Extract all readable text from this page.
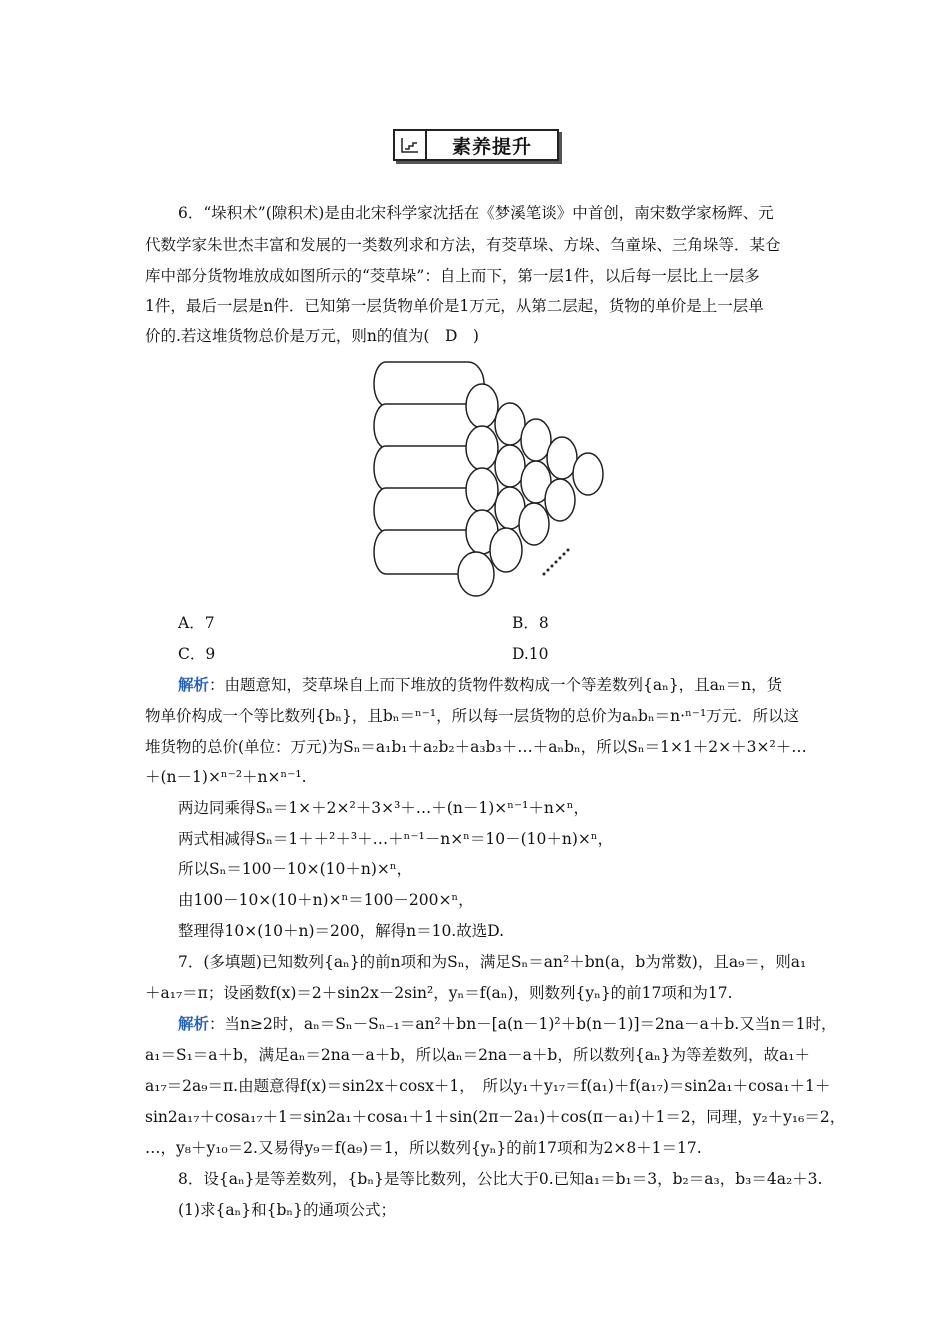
素养提升
6．“垛积术”(隙积术)是由北宋科学家沈括在《梦溪笔谈》中首创，南宋数学家杨辉、元
代数学家朱世杰丰富和发展的一类数列求和方法，有茭草垛、方垛、刍童垛、三角垛等．某仓
库中部分货物堆放成如图所示的“茭草垛”：自上而下，第一层1件，以后每一层比上一层多
1件，最后一层是n件．已知第一层货物单价是1万元，从第二层起，货物的单价是上一层单
价的.若这堆货物总价是万元，则n的值为(　D　)
A．7	B．8
C．9	D.10
解析：由题意知，茭草垛自上而下堆放的货物件数构成一个等差数列{aₙ}，且aₙ＝n，货
物单价构成一个等比数列{bₙ}，且bₙ＝ⁿ⁻¹，所以每一层货物的总价为aₙbₙ＝n·ⁿ⁻¹万元．所以这
堆货物的总价(单位：万元)为Sₙ＝a₁b₁＋a₂b₂＋a₃b₃＋…＋aₙbₙ，所以Sₙ＝1×1＋2×＋3×²＋…
＋(n－1)×ⁿ⁻²＋n×ⁿ⁻¹.
两边同乘得Sₙ＝1×＋2×²＋3×³＋…＋(n－1)×ⁿ⁻¹＋n×ⁿ，
两式相减得Sₙ＝1＋＋²＋³＋…＋ⁿ⁻¹－n×ⁿ＝10－(10＋n)×ⁿ，
所以Sₙ＝100－10×(10＋n)×ⁿ，
由100－10×(10＋n)×ⁿ＝100－200×ⁿ，
整理得10×(10＋n)＝200，解得n＝10.故选D.
7．(多填题)已知数列{aₙ}的前n项和为Sₙ，满足Sₙ＝an²＋bn(a，b为常数)，且a₉＝，则a₁
＋a₁₇＝π；设函数f(x)＝2＋sin2x－2sin²，yₙ＝f(aₙ)，则数列{yₙ}的前17项和为17.
解析：当n≥2时，aₙ＝Sₙ－Sₙ₋₁＝an²＋bn－[a(n－1)²＋b(n－1)]＝2na－a＋b.又当n＝1时，
a₁＝S₁＝a＋b，满足aₙ＝2na－a＋b，所以aₙ＝2na－a＋b，所以数列{aₙ}为等差数列，故a₁＋
a₁₇＝2a₉＝π.由题意得f(x)＝sin2x＋cosx＋1，　所以y₁＋y₁₇＝f(a₁)＋f(a₁₇)＝sin2a₁＋cosa₁＋1＋
sin2a₁₇＋cosa₁₇＋1＝sin2a₁＋cosa₁＋1＋sin(2π－2a₁)＋cos(π－a₁)＋1＝2，同理，y₂＋y₁₆＝2，
…，y₈＋y₁₀＝2.又易得y₉＝f(a₉)＝1，所以数列{yₙ}的前17项和为2×8＋1＝17.
8．设{aₙ}是等差数列，{bₙ}是等比数列，公比大于0.已知a₁＝b₁＝3，b₂＝a₃，b₃＝4a₂＋3.
(1)求{aₙ}和{bₙ}的通项公式；
